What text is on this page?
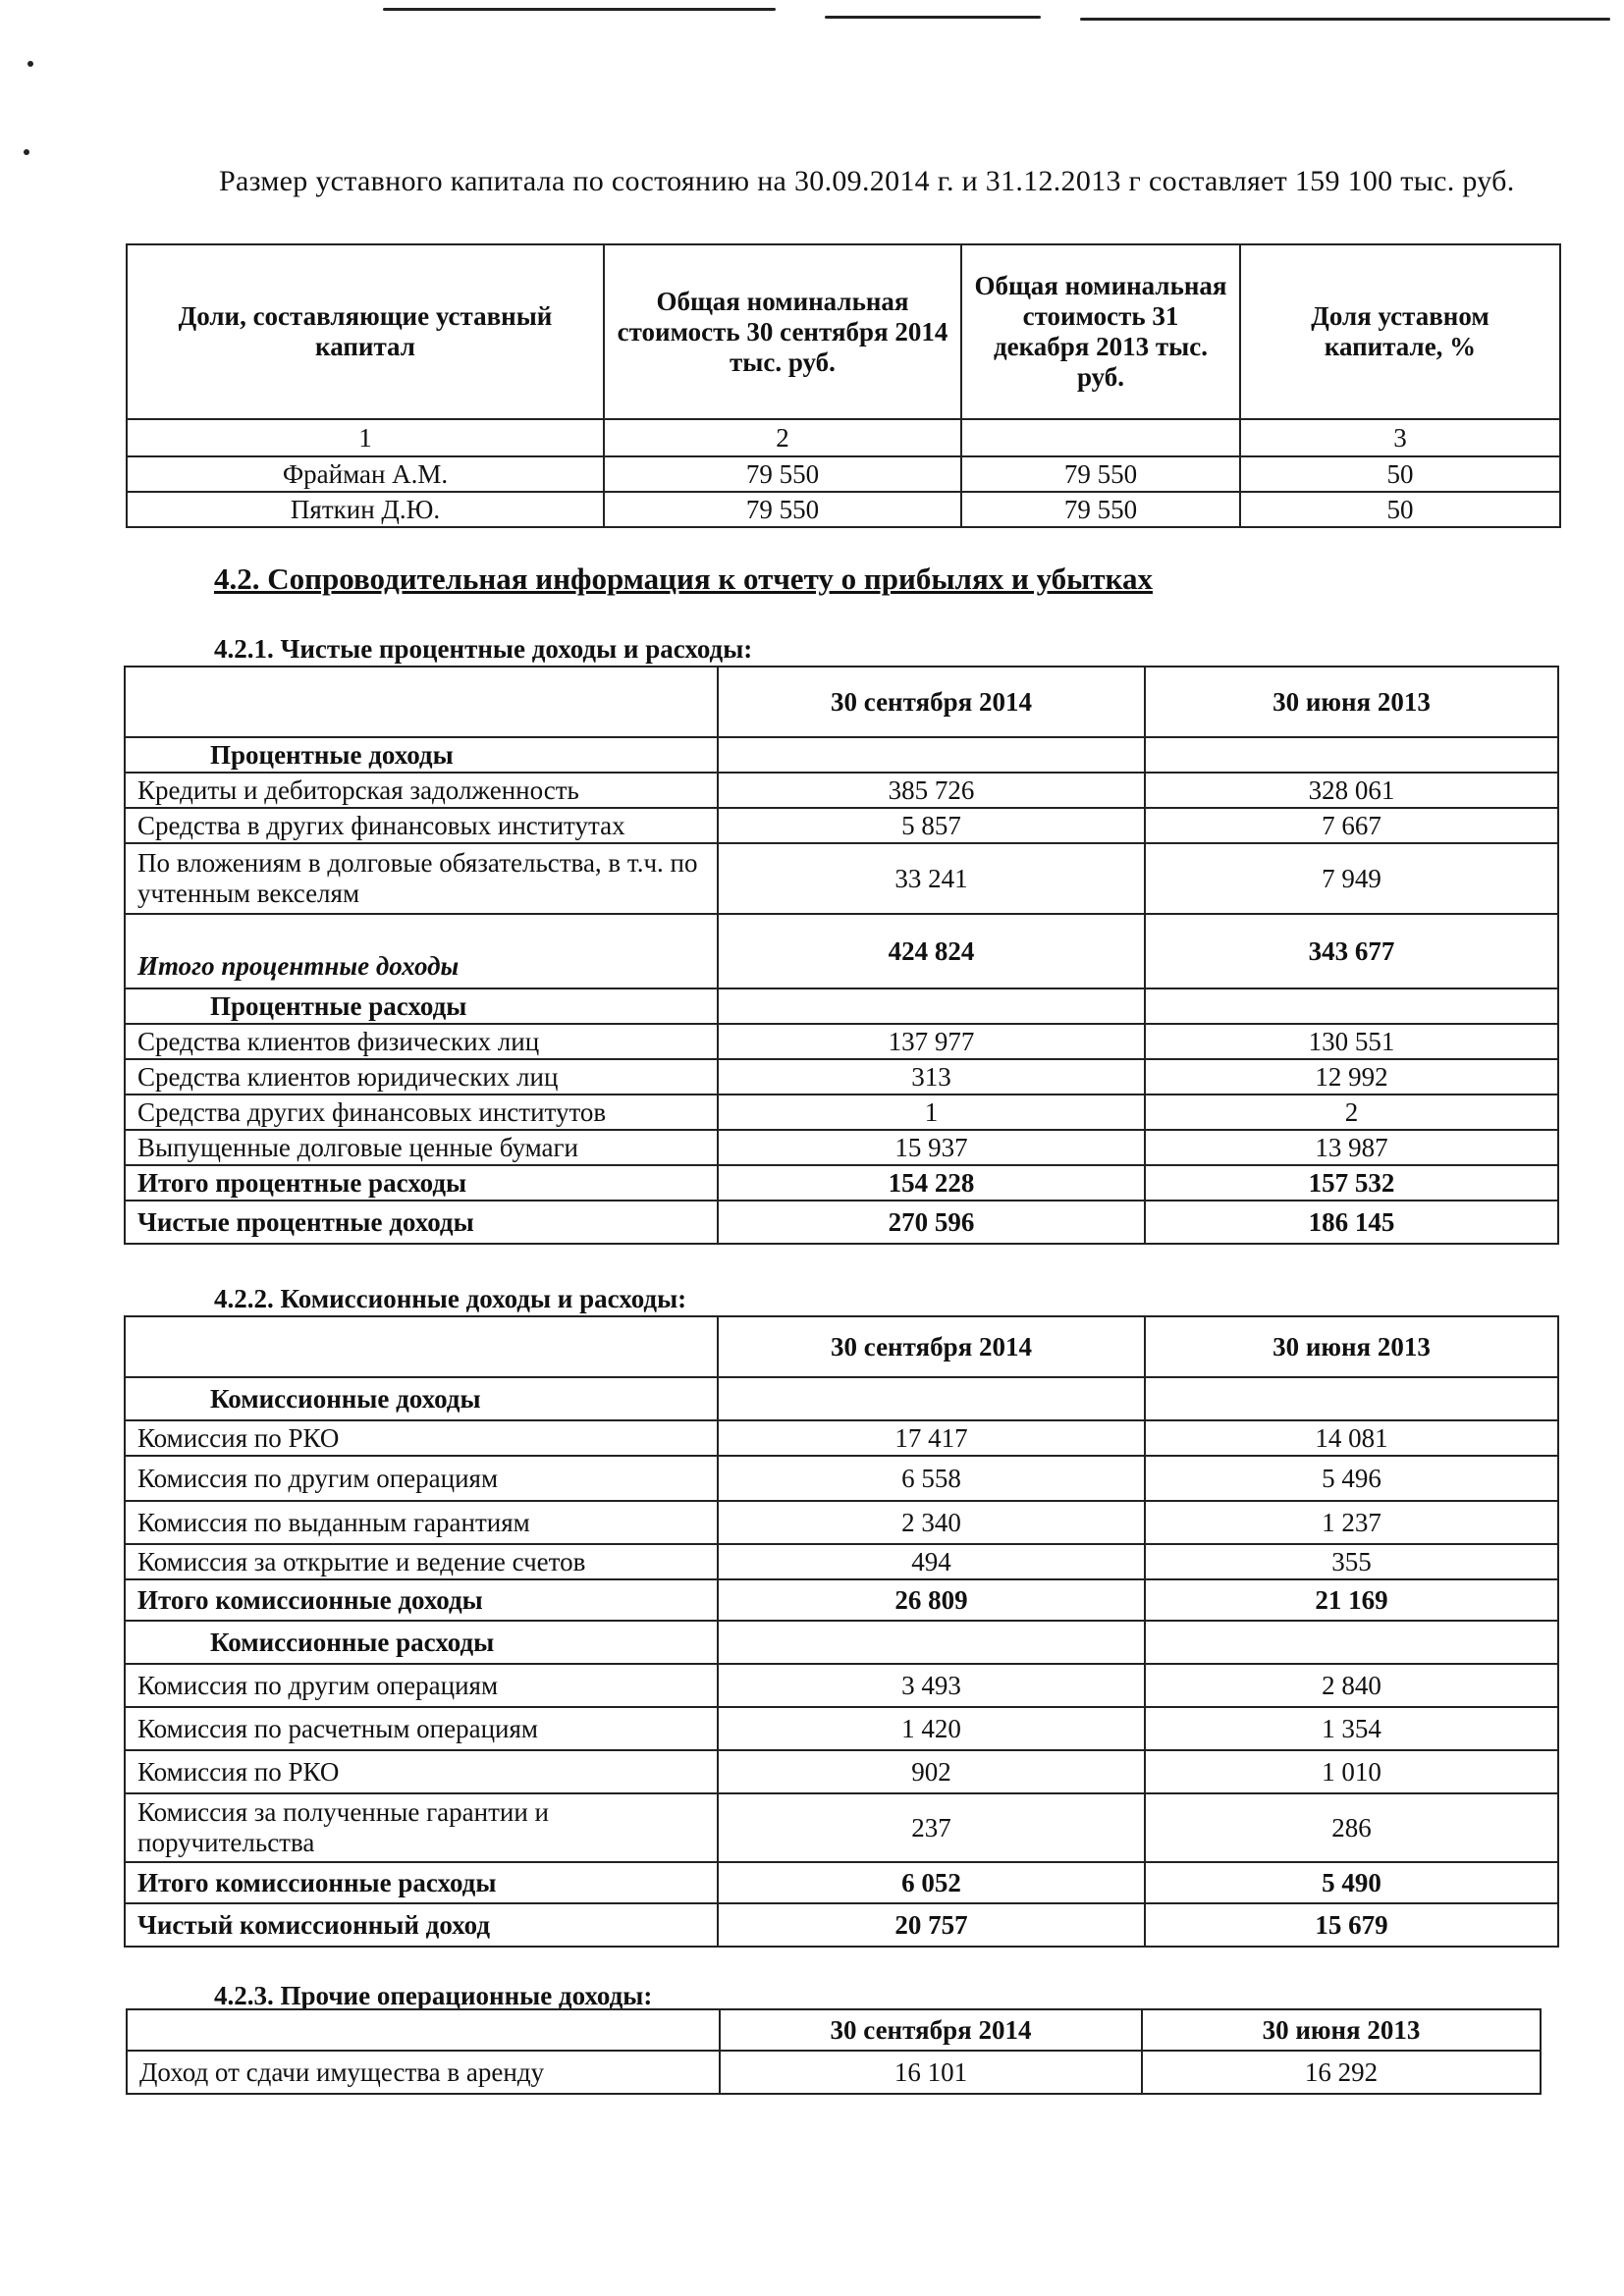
Размер уставного капитала по состоянию на 30.09.2014 г. и 31.12.2013 г составляет 159 100 тыс. руб.
Доли, составляющие уставный капитал	Общая номинальная стоимость 30 сентября 2014 тыс. руб.	Общая номинальная стоимость 31 декабря 2013 тыс. руб.	Доля уставном капитале, %
1	2		3
Фрайман А.М.	79 550	79 550	50
Пяткин Д.Ю.	79 550	79 550	50
4.2. Сопроводительная информация к отчету о прибылях и убытках
4.2.1. Чистые процентные доходы и расходы:
	30 сентября 2014	30 июня 2013
Процентные доходы		
Кредиты и дебиторская задолженность	385 726	328 061
Средства в других финансовых институтах	5 857	7 667
По вложениям в долговые обязательства, в т.ч. по учтенным векселям	33 241	7 949
Итого процентные доходы	424 824	343 677
Процентные расходы		
Средства клиентов физических лиц	137 977	130 551
Средства клиентов юридических лиц	313	12 992
Средства других финансовых институтов	1	2
Выпущенные долговые ценные бумаги	15 937	13 987
Итого процентные расходы	154 228	157 532
Чистые процентные доходы	270 596	186 145
4.2.2. Комиссионные доходы и расходы:
	30 сентября 2014	30 июня 2013
Комиссионные доходы		
Комиссия по РКО	17 417	14 081
Комиссия по другим операциям	6 558	5 496
Комиссия по выданным гарантиям	2 340	1 237
Комиссия за открытие и ведение счетов	494	355
Итого комиссионные доходы	26 809	21 169
Комиссионные расходы		
Комиссия по другим операциям	3 493	2 840
Комиссия по расчетным операциям	1 420	1 354
Комиссия по РКО	902	1 010
Комиссия за полученные гарантии и поручительства	237	286
Итого комиссионные расходы	6 052	5 490
Чистый комиссионный доход	20 757	15 679
4.2.3. Прочие операционные доходы:
	30 сентября 2014	30 июня 2013
Доход от сдачи имущества в аренду	16 101	16 292
